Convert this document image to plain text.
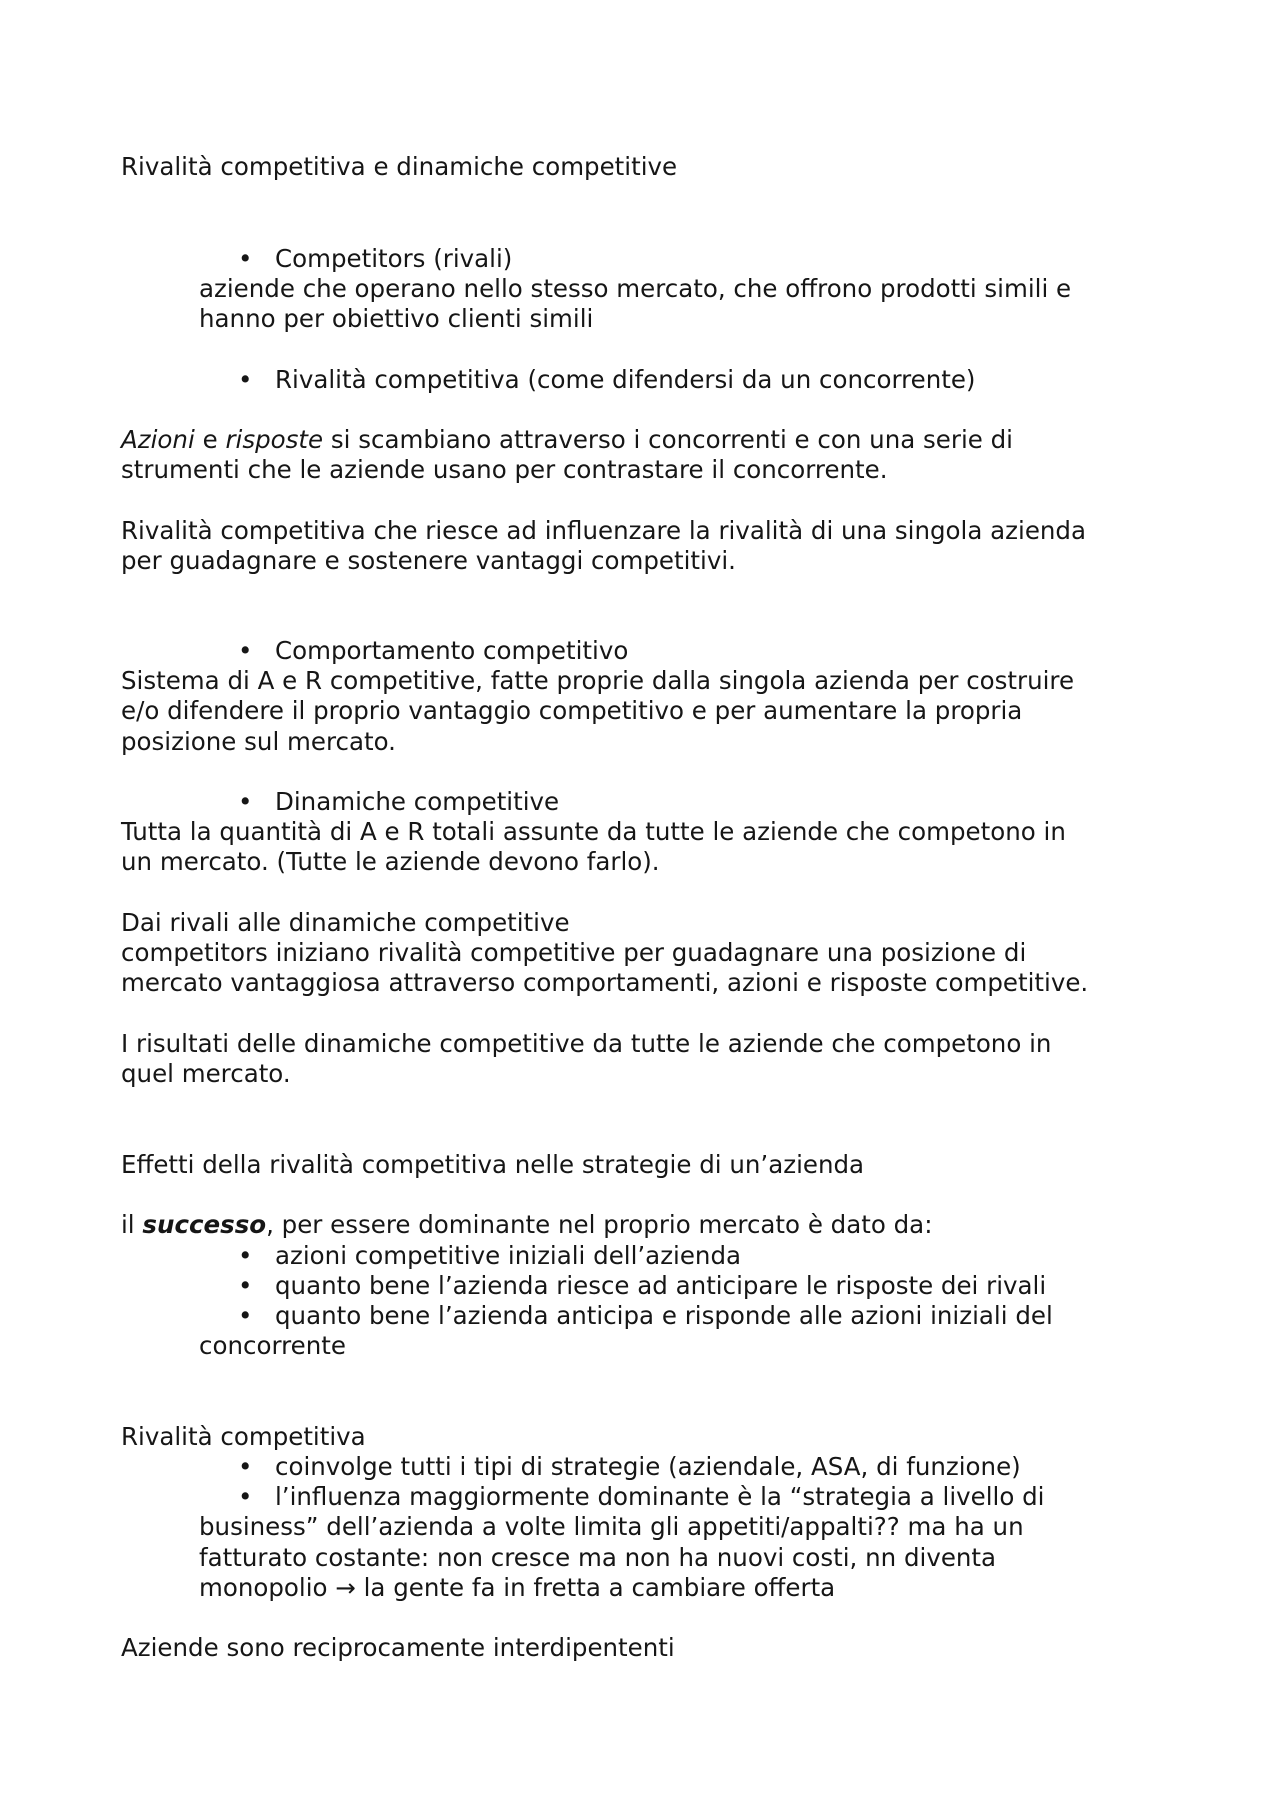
Rivalità competitiva e dinamiche competitive
• Competitors (rivali)
aziende che operano nello stesso mercato, che offrono prodotti simili e
hanno per obiettivo clienti simili
• Rivalità competitiva (come difendersi da un concorrente)
Azioni e risposte si scambiano attraverso i concorrenti e con una serie di
strumenti che le aziende usano per contrastare il concorrente.
Rivalità competitiva che riesce ad influenzare la rivalità di una singola azienda
per guadagnare e sostenere vantaggi competitivi.
• Comportamento competitivo
Sistema di A e R competitive, fatte proprie dalla singola azienda per costruire
e/o difendere il proprio vantaggio competitivo e per aumentare la propria
posizione sul mercato.
• Dinamiche competitive
Tutta la quantità di A e R totali assunte da tutte le aziende che competono in
un mercato. (Tutte le aziende devono farlo).
Dai rivali alle dinamiche competitive
competitors iniziano rivalità competitive per guadagnare una posizione di
mercato vantaggiosa attraverso comportamenti, azioni e risposte competitive.
I risultati delle dinamiche competitive da tutte le aziende che competono in
quel mercato.
Effetti della rivalità competitiva nelle strategie di un’azienda
il successo, per essere dominante nel proprio mercato è dato da:
• azioni competitive iniziali dell’azienda
• quanto bene l’azienda riesce ad anticipare le risposte dei rivali
• quanto bene l’azienda anticipa e risponde alle azioni iniziali del
concorrente
Rivalità competitiva
• coinvolge tutti i tipi di strategie (aziendale, ASA, di funzione)
• l’influenza maggiormente dominante è la “strategia a livello di
business” dell’azienda a volte limita gli appetiti/appalti?? ma ha un
fatturato costante: non cresce ma non ha nuovi costi, nn diventa
monopolio → la gente fa in fretta a cambiare offerta
Aziende sono reciprocamente interdipententi
